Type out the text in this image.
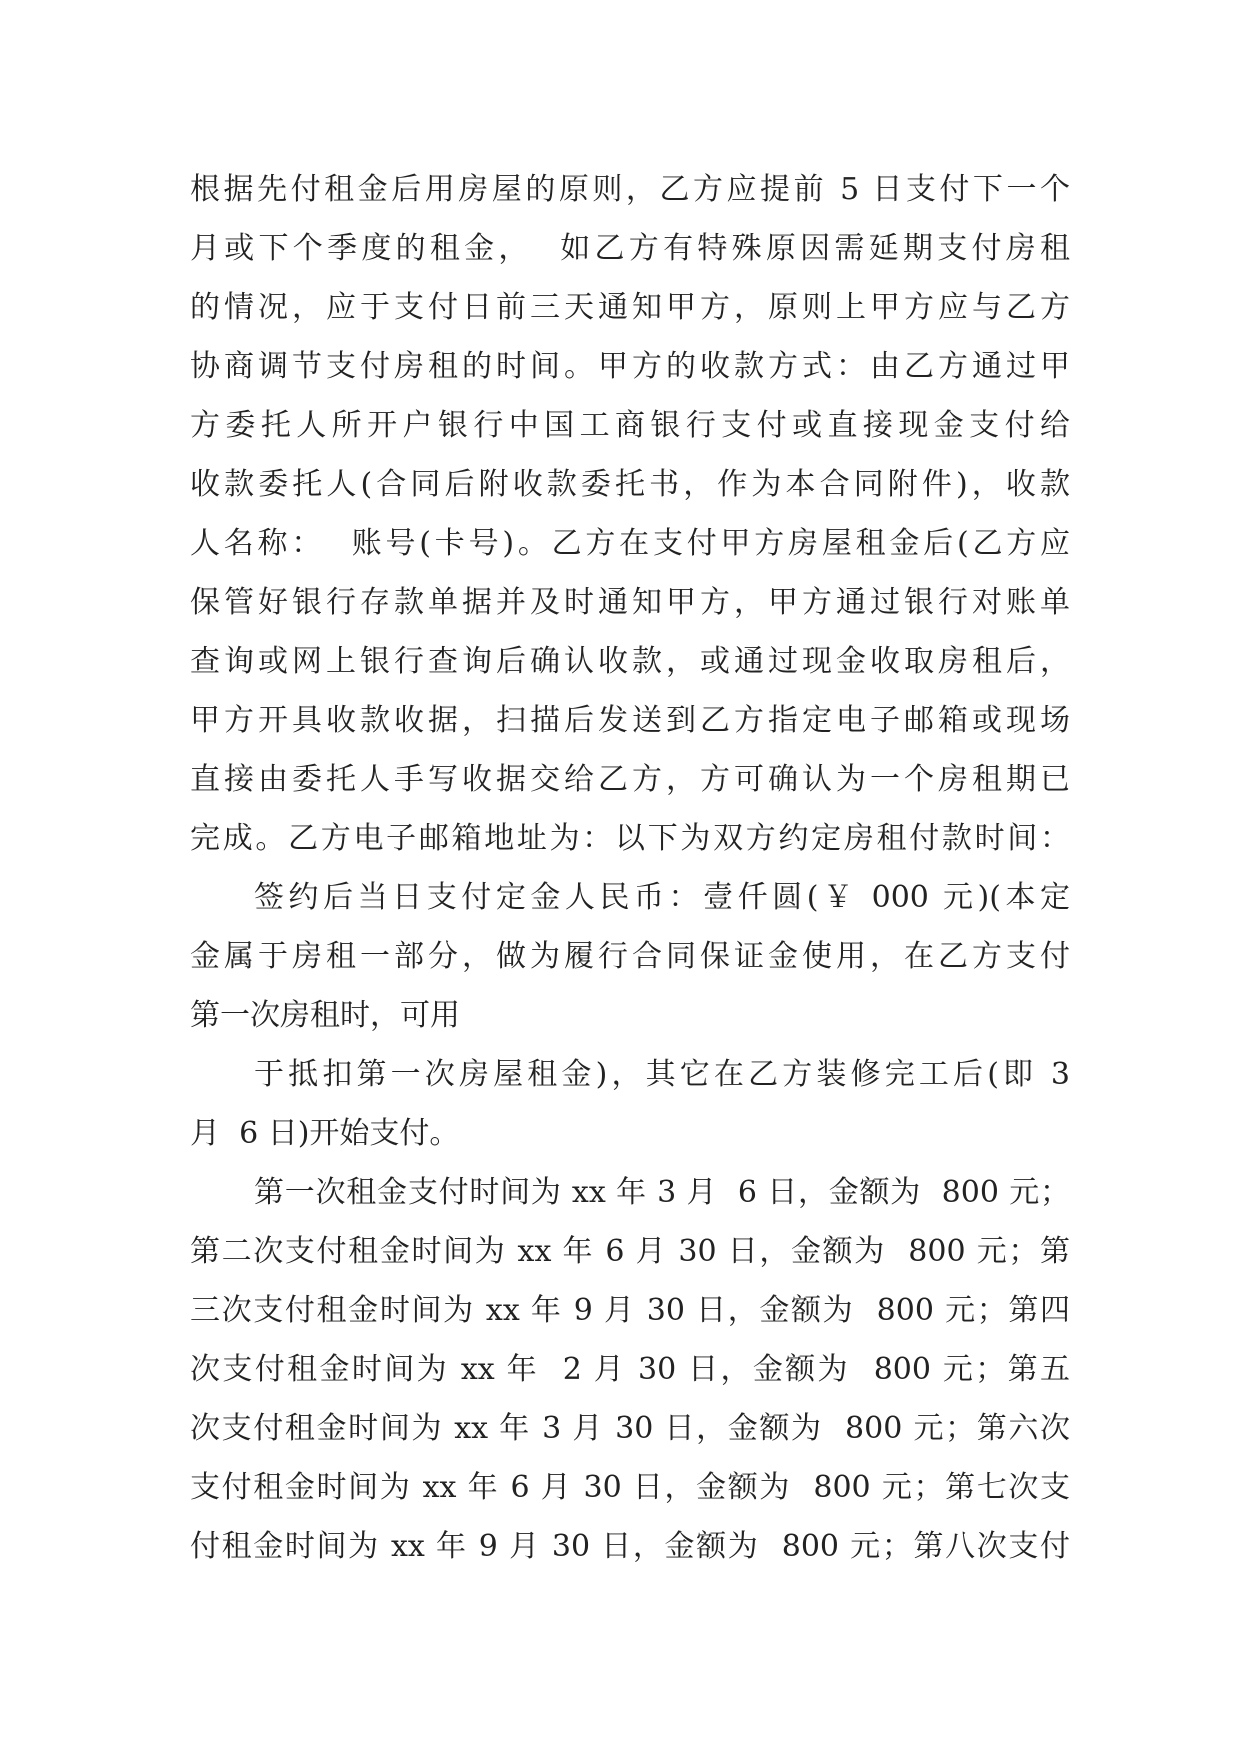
根据先付租金后用房屋的原则，乙方应提前 5 日支付下一个
月或下个季度的租金，  如乙方有特殊原因需延期支付房租
的情况，应于支付日前三天通知甲方，原则上甲方应与乙方
协商调节支付房租的时间。甲方的收款方式：由乙方通过甲
方委托人所开户银行中国工商银行支付或直接现金支付给
收款委托人(合同后附收款委托书，作为本合同附件)，收款
人名称：  账号(卡号)。乙方在支付甲方房屋租金后(乙方应
保管好银行存款单据并及时通知甲方，甲方通过银行对账单
查询或网上银行查询后确认收款，或通过现金收取房租后，
甲方开具收款收据，扫描后发送到乙方指定电子邮箱或现场
直接由委托人手写收据交给乙方，方可确认为一个房租期已
完成。乙方电子邮箱地址为：以下为双方约定房租付款时间：
签约后当日支付定金人民币：壹仟圆(￥ 000 元)(本定
金属于房租一部分，做为履行合同保证金使用，在乙方支付
第一次房租时，可用
于抵扣第一次房屋租金)，其它在乙方装修完工后(即 3
月  6 日)开始支付。
第一次租金支付时间为 xx 年 3 月  6 日，金额为  800 元；
第二次支付租金时间为 xx 年 6 月 30 日，金额为  800 元；第
三次支付租金时间为 xx 年 9 月 30 日，金额为  800 元；第四
次支付租金时间为 xx 年  2 月 30 日，金额为  800 元；第五
次支付租金时间为 xx 年 3 月 30 日，金额为  800 元；第六次
支付租金时间为 xx 年 6 月 30 日，金额为  800 元；第七次支
付租金时间为 xx 年 9 月 30 日，金额为  800 元；第八次支付
